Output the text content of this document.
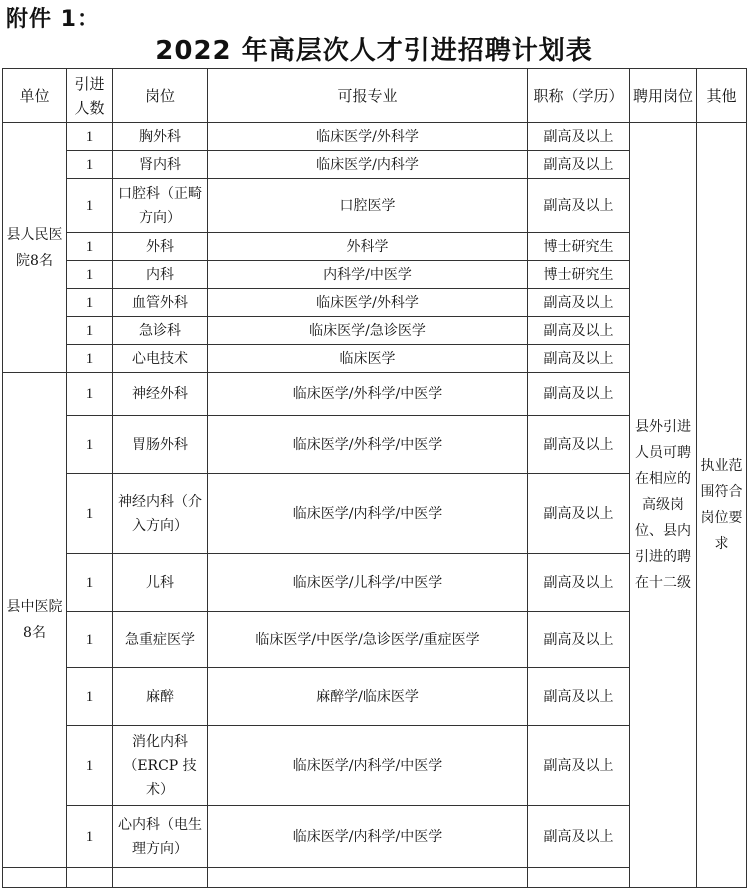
附件 1：
2022 年高层次人才引进招聘计划表
单位	引进人数	岗位	可报专业	职称（学历）	聘用岗位	其他
县人民医院8名	1	胸外科	临床医学/外科学	副高及以上	县外引进人员可聘在相应的高级岗位、县内引进的聘在十二级	执业范围符合岗位要求
	1	肾内科	临床医学/内科学	副高及以上		
	1	口腔科（正畸方向）	口腔医学	副高及以上		
	1	外科	外科学	博士研究生		
	1	内科	内科学/中医学	博士研究生		
	1	血管外科	临床医学/外科学	副高及以上		
	1	急诊科	临床医学/急诊医学	副高及以上		
	1	心电技术	临床医学	副高及以上		
县中医院8名	1	神经外科	临床医学/外科学/中医学	副高及以上		
	1	胃肠外科	临床医学/外科学/中医学	副高及以上		
	1	神经内科（介入方向）	临床医学/内科学/中医学	副高及以上		
	1	儿科	临床医学/儿科学/中医学	副高及以上		
	1	急重症医学	临床医学/中医学/急诊医学/重症医学	副高及以上		
	1	麻醉	麻醉学/临床医学	副高及以上		
	1	消化内科（ERCP 技术）	临床医学/内科学/中医学	副高及以上		
	1	心内科（电生理方向）	临床医学/内科学/中医学	副高及以上		
